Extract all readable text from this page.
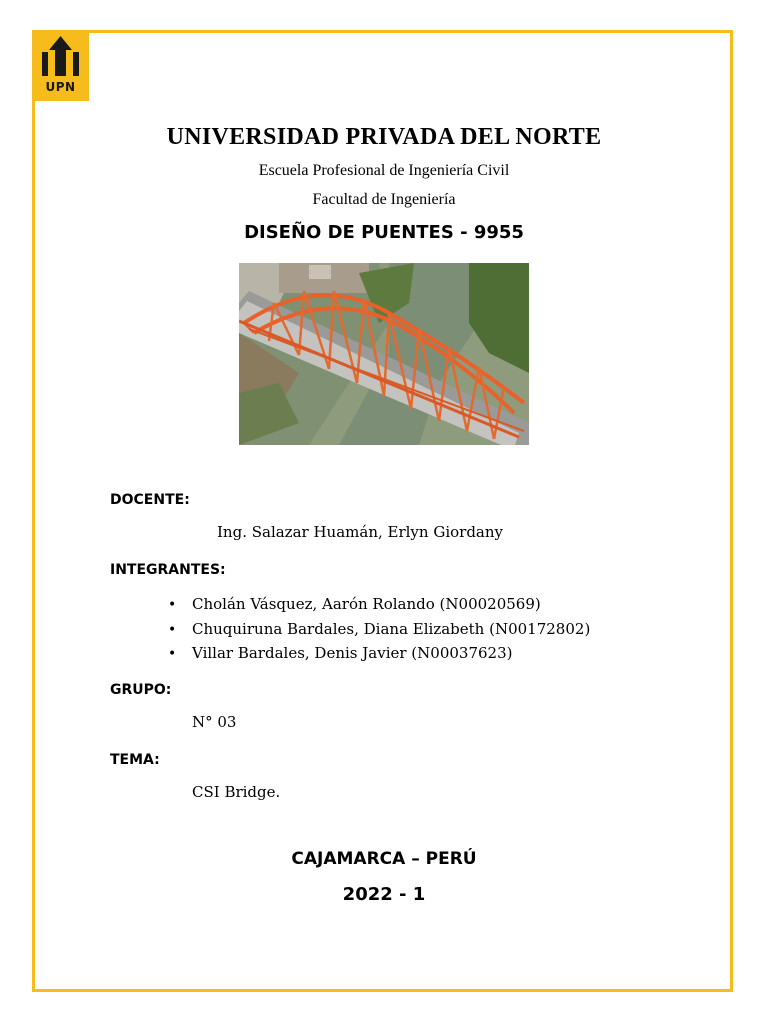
UPN
UNIVERSIDAD PRIVADA DEL NORTE
Escuela Profesional de Ingeniería Civil
Facultad de Ingeniería
DISEÑO DE PUENTES - 9955
DOCENTE:
Ing. Salazar Huamán, Erlyn Giordany
INTEGRANTES:
• Cholán Vásquez, Aarón Rolando (N00020569)
• Chuquiruna Bardales, Diana Elizabeth (N00172802)
• Villar Bardales, Denis Javier (N00037623)
GRUPO:
N° 03
TEMA:
CSI Bridge.
CAJAMARCA – PERÚ
2022 - 1
